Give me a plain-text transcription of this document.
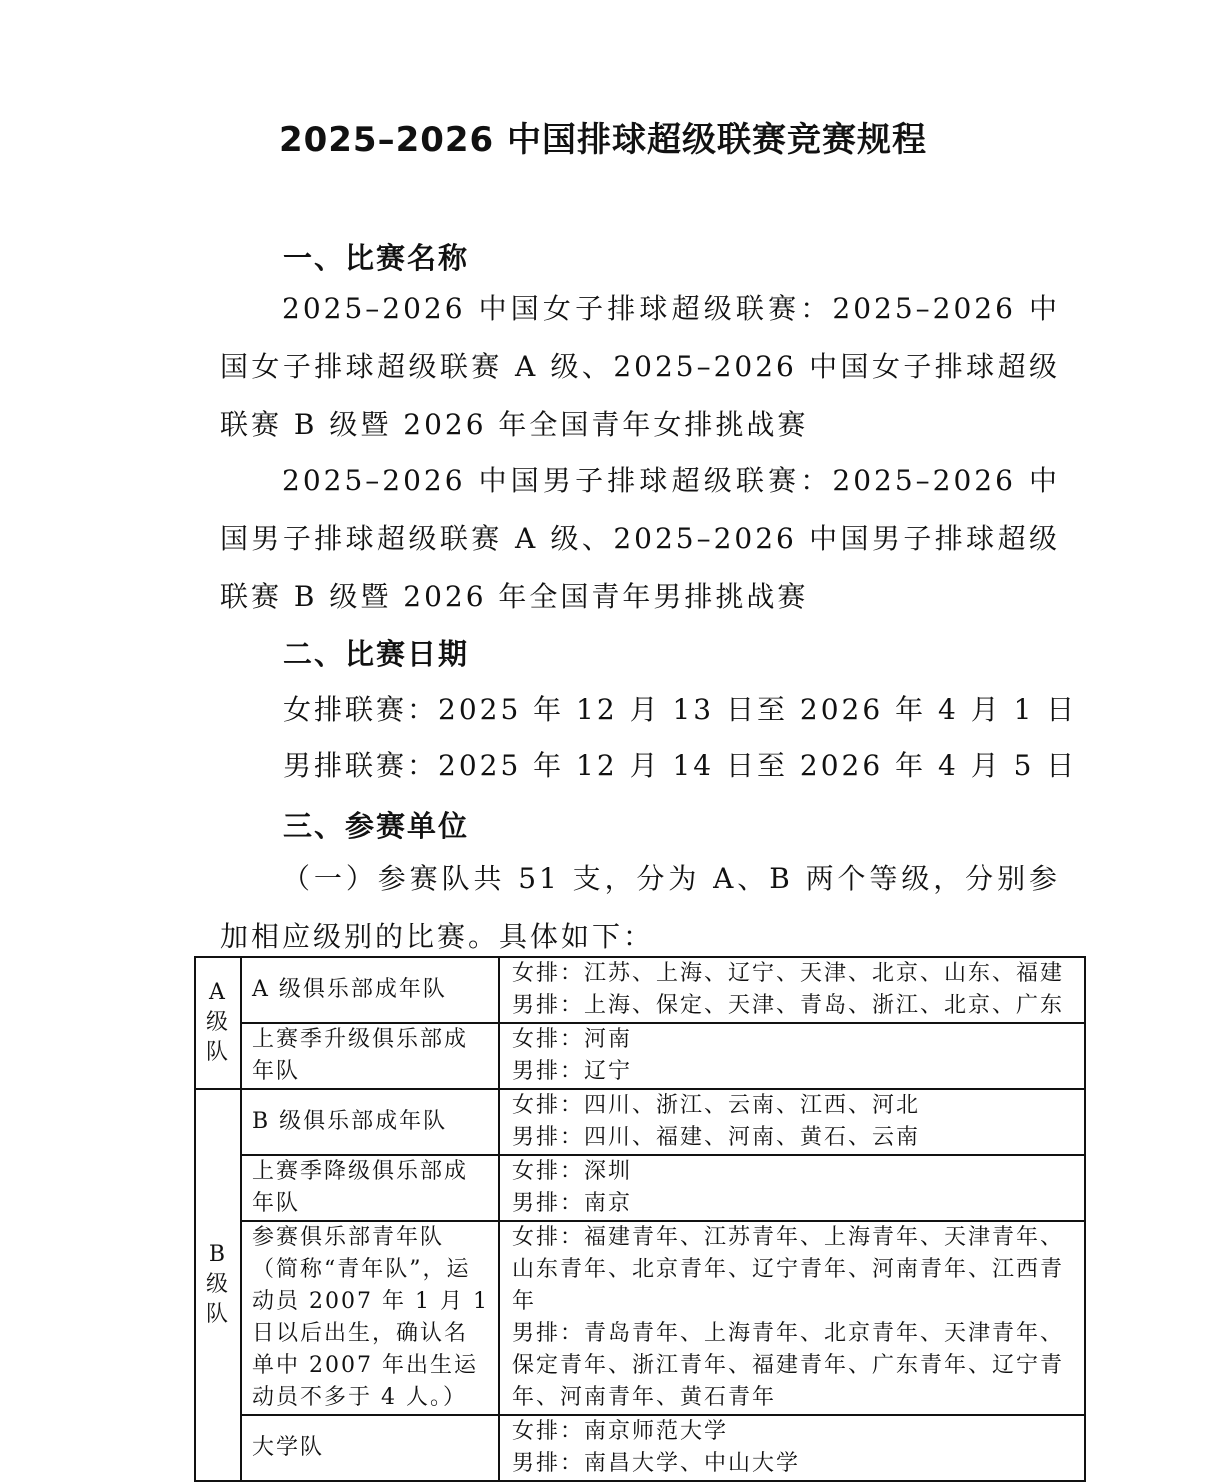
2025–2026 中国排球超级联赛竞赛规程
一、比赛名称
2025–2026 中国女子排球超级联赛：2025–2026 中国女子排球超级联赛 A 级、2025–2026 中国女子排球超级联赛 B 级暨 2026 年全国青年女排挑战赛
2025–2026 中国男子排球超级联赛：2025–2026 中国男子排球超级联赛 A 级、2025–2026 中国男子排球超级联赛 B 级暨 2026 年全国青年男排挑战赛
二、比赛日期
女排联赛：2025 年 12 月 13 日至 2026 年 4 月 1 日
男排联赛：2025 年 12 月 14 日至 2026 年 4 月 5 日
三、参赛单位
（一）参赛队共 51 支，分为 A、B 两个等级，分别参加相应级别的比赛。具体如下：
A级队	A 级俱乐部成年队	女排：江苏、上海、辽宁、天津、北京、山东、福建
男排：上海、保定、天津、青岛、浙江、北京、广东

	上赛季升级俱乐部成年队	女排：河南
男排：辽宁

B级队	B 级俱乐部成年队	女排：四川、浙江、云南、江西、河北
男排：四川、福建、河南、黄石、云南

	上赛季降级俱乐部成年队	女排：深圳
男排：南京

	参赛俱乐部青年队（简称“青年队”，运动员 2007 年 1 月 1 日以后出生，确认名单中 2007 年出生运动员不多于 4 人。）	女排：福建青年、江苏青年、上海青年、天津青年、山东青年、北京青年、辽宁青年、河南青年、江西青年
男排：青岛青年、上海青年、北京青年、天津青年、保定青年、浙江青年、福建青年、广东青年、辽宁青年、河南青年、黄石青年

	大学队	女排：南京师范大学
男排：南昌大学、中山大学
